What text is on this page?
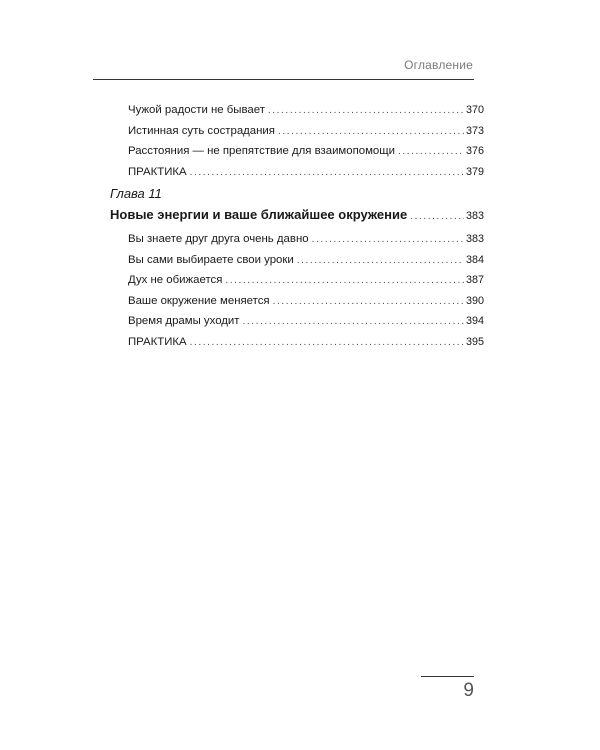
Оглавление
Чужой радости не бывает .....	370
Истинная суть сострадания .....	373
Расстояния — не препятствие для взаимопомощи .....	376
ПРАКТИКА .....	379
Глава 11
Новые энергии и ваше ближайшее окружение .....	383
Вы знаете друг друга очень давно .....	383
Вы сами выбираете свои уроки .....	384
Дух не обижается .....	387
Ваше окружение меняется .....	390
Время драмы уходит .....	394
ПРАКТИКА .....	395
9
